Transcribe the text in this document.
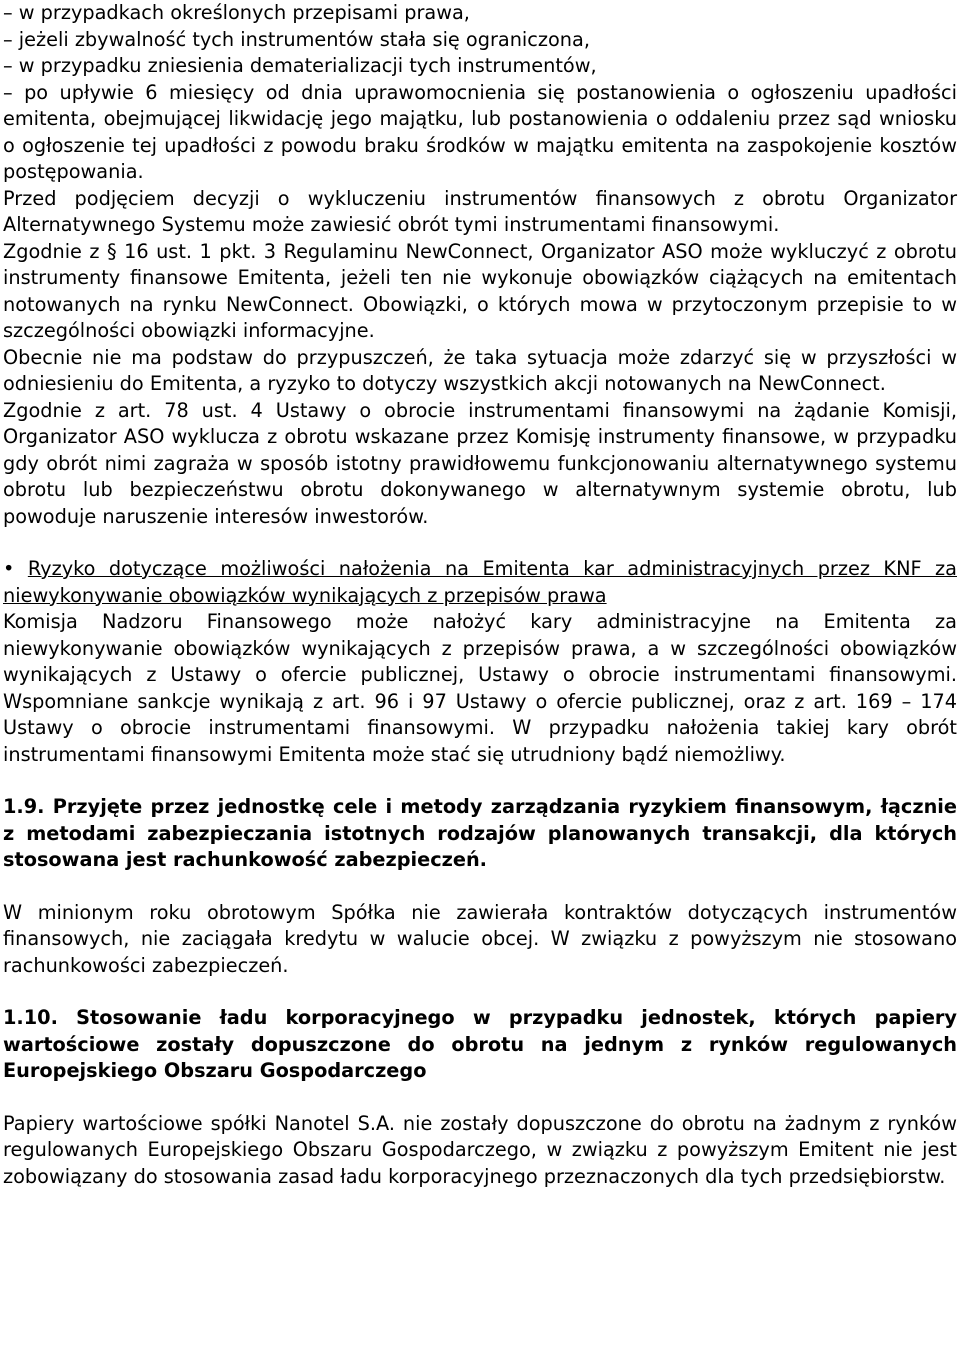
– w przypadkach określonych przepisami prawa,

– jeżeli zbywalność tych instrumentów stała się ograniczona,

– w przypadku zniesienia dematerializacji tych instrumentów,

– po upływie 6 miesięcy od dnia uprawomocnienia się postanowienia o ogłoszeniu upadłości emitenta, obejmującej likwidację jego majątku, lub postanowienia o oddaleniu przez sąd wniosku o ogłoszenie tej upadłości z powodu braku środków w majątku emitenta na zaspokojenie kosztów postępowania.

Przed podjęciem decyzji o wykluczeniu instrumentów finansowych z obrotu Organizator Alternatywnego Systemu może zawiesić obrót tymi instrumentami finansowymi.

Zgodnie z § 16 ust. 1 pkt. 3 Regulaminu NewConnect, Organizator ASO może wykluczyć z obrotu instrumenty finansowe Emitenta, jeżeli ten nie wykonuje obowiązków ciążących na emitentach notowanych na rynku NewConnect. Obowiązki, o których mowa w przytoczonym przepisie to w szczególności obowiązki informacyjne.

Obecnie nie ma podstaw do przypuszczeń, że taka sytuacja może zdarzyć się w przyszłości w odniesieniu do Emitenta, a ryzyko to dotyczy wszystkich akcji notowanych na NewConnect.

Zgodnie z art. 78 ust. 4 Ustawy o obrocie instrumentami finansowymi na żądanie Komisji, Organizator ASO wyklucza z obrotu wskazane przez Komisję instrumenty finansowe, w przypadku gdy obrót nimi zagraża w sposób istotny prawidłowemu funkcjonowaniu alternatywnego systemu obrotu lub bezpieczeństwu obrotu dokonywanego w alternatywnym systemie obrotu, lub powoduje naruszenie interesów inwestorów.

• Ryzyko dotyczące możliwości nałożenia na Emitenta kar administracyjnych przez KNF za niewykonywanie obowiązków wynikających z przepisów prawa

Komisja Nadzoru Finansowego może nałożyć kary administracyjne na Emitenta za niewykonywanie obowiązków wynikających z przepisów prawa, a w szczególności obowiązków wynikających z Ustawy o ofercie publicznej, Ustawy o obrocie instrumentami finansowymi. Wspomniane sankcje wynikają z art. 96 i 97 Ustawy o ofercie publicznej, oraz z art. 169 – 174 Ustawy o obrocie instrumentami finansowymi. W przypadku nałożenia takiej kary obrót instrumentami finansowymi Emitenta może stać się utrudniony bądź niemożliwy.

1.9. Przyjęte przez jednostkę cele i metody zarządzania ryzykiem finansowym, łącznie z metodami zabezpieczania istotnych rodzajów planowanych transakcji, dla których stosowana jest rachunkowość zabezpieczeń.

W minionym roku obrotowym Spółka nie zawierała kontraktów dotyczących instrumentów finansowych, nie zaciągała kredytu w walucie obcej. W związku z powyższym nie stosowano rachunkowości zabezpieczeń.

1.10. Stosowanie ładu korporacyjnego w przypadku jednostek, których papiery wartościowe zostały dopuszczone do obrotu na jednym z rynków regulowanych Europejskiego Obszaru Gospodarczego

Papiery wartościowe spółki Nanotel S.A. nie zostały dopuszczone do obrotu na żadnym z rynków regulowanych Europejskiego Obszaru Gospodarczego, w związku z powyższym Emitent nie jest zobowiązany do stosowania zasad ładu korporacyjnego przeznaczonych dla tych przedsiębiorstw.
